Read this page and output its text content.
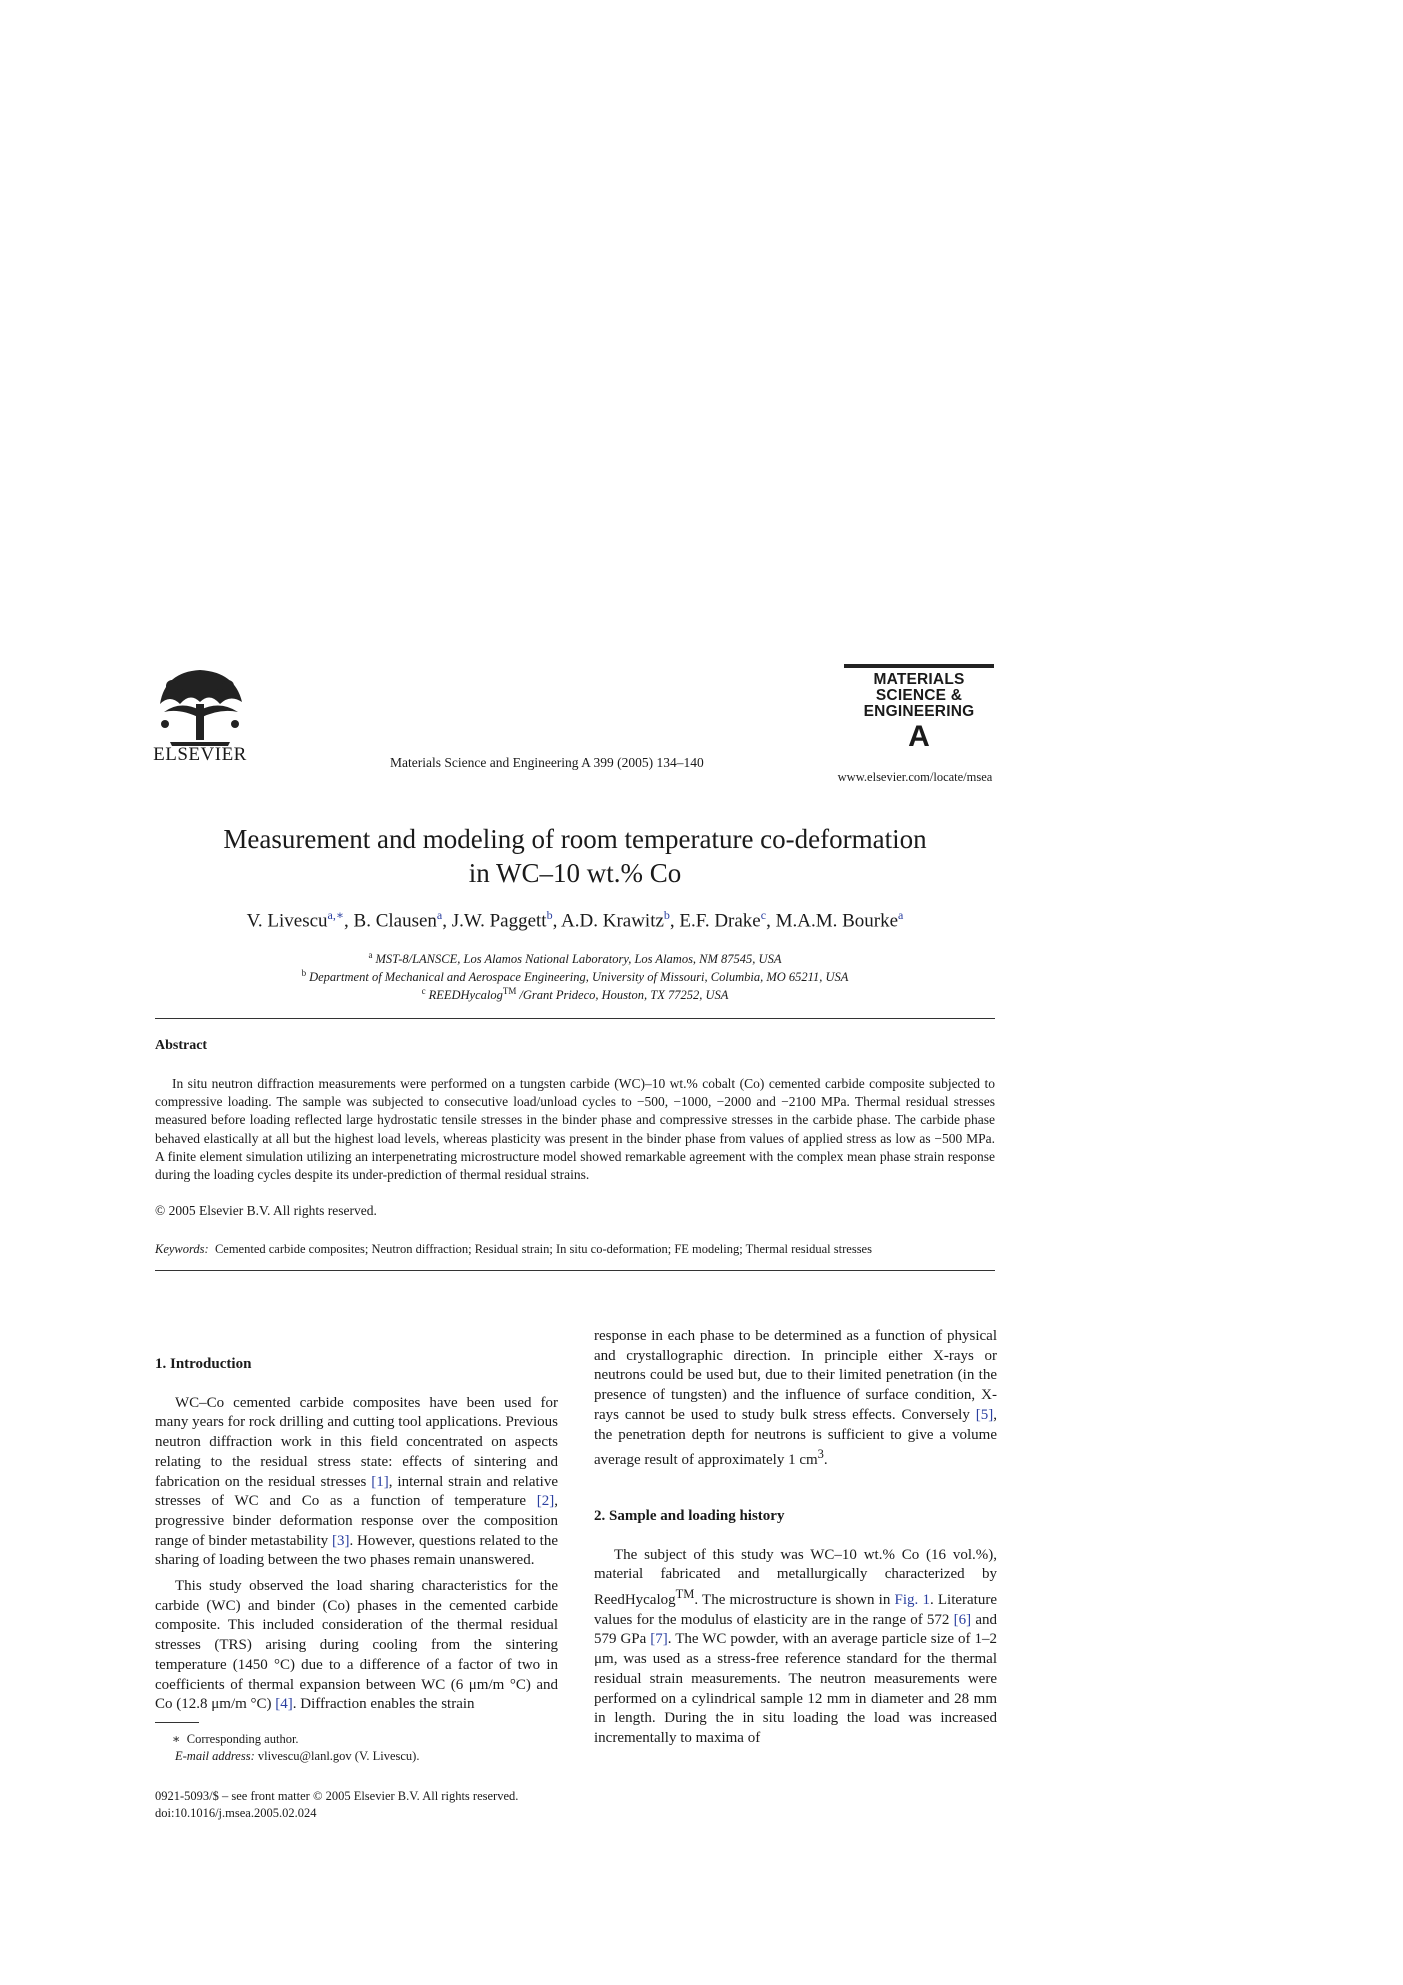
ELSEVIER	Materials Science and Engineering A 399 (2005) 134–140
MATERIALS
SCIENCE &
ENGINEERING
A
www.elsevier.com/locate/msea
Measurement and modeling of room temperature co-deformation
in WC–10 wt.% Co
V. Livescu$^{a,∗}$, B. Clausen$^a$, J.W. Paggett$^b$, A.D. Krawitz$^b$, E.F. Drake$^c$, M.A.M. Bourke$^a$
$^a$ MST-8/LANSCE, Los Alamos National Laboratory, Los Alamos, NM 87545, USA
$^b$ Department of Mechanical and Aerospace Engineering, University of Missouri, Columbia, MO 65211, USA
$^c$ REEDHycalog™ /Grant Prideco, Houston, TX 77252, USA
Abstract
In situ neutron diffraction measurements were performed on a tungsten carbide (WC)–10 wt.% cobalt (Co) cemented carbide composite subjected to compressive loading. The sample was subjected to consecutive load/unload cycles to −500, −1000, −2000 and −2100 MPa. Thermal residual stresses measured before loading reflected large hydrostatic tensile stresses in the binder phase and compressive stresses in the carbide phase. The carbide phase behaved elastically at all but the highest load levels, whereas plasticity was present in the binder phase from values of applied stress as low as −500 MPa. A finite element simulation utilizing an interpenetrating microstructure model showed remarkable agreement with the complex mean phase strain response during the loading cycles despite its under-prediction of thermal residual strains.
© 2005 Elsevier B.V. All rights reserved.
Keywords: Cemented carbide composites; Neutron diffraction; Residual strain; In situ co-deformation; FE modeling; Thermal residual stresses
1. Introduction

WC–Co cemented carbide composites have been used for many years for rock drilling and cutting tool applications. Previous neutron diffraction work in this field concentrated on aspects relating to the residual stress state: effects of sintering and fabrication on the residual stresses [1], internal strain and relative stresses of WC and Co as a function of temperature [2], progressive binder deformation response over the composition range of binder metastability [3]. However, questions related to the sharing of loading between the two phases remain unanswered.

This study observed the load sharing characteristics for the carbide (WC) and binder (Co) phases in the cemented carbide composite. This included consideration of the thermal residual stresses (TRS) arising during cooling from the sintering temperature (1450 °C) due to a difference of a factor of two in coefficients of thermal expansion between WC (6 μm/m °C) and Co (12.8 μm/m °C) [4]. Diffraction enables the strain

response in each phase to be determined as a function of physical and crystallographic direction. In principle either X-rays or neutrons could be used but, due to their limited penetration (in the presence of tungsten) and the influence of surface condition, X-rays cannot be used to study bulk stress effects. Conversely [5], the penetration depth for neutrons is sufficient to give a volume average result of approximately 1 $cm^3$.

2. Sample and loading history

The subject of this study was WC–10 wt.% Co (16 vol.%), material fabricated and metallurgically characterized by ReedHycalog™. The microstructure is shown in Fig. 1. Literature values for the modulus of elasticity are in the range of 572 [6] and 579 GPa [7]. The WC powder, with an average particle size of 1–2 μm, was used as a stress-free reference standard for the thermal residual strain measurements. The neutron measurements were performed on a cylindrical sample 12 mm in diameter and 28 mm in length. During the in situ loading the load was increased incrementally to maxima of

∗ Corresponding author.
E-mail address: vlivescu@lanl.gov (V. Livescu).
0921-5093/$ – see front matter © 2005 Elsevier B.V. All rights reserved.
doi:10.1016/j.msea.2005.02.024
